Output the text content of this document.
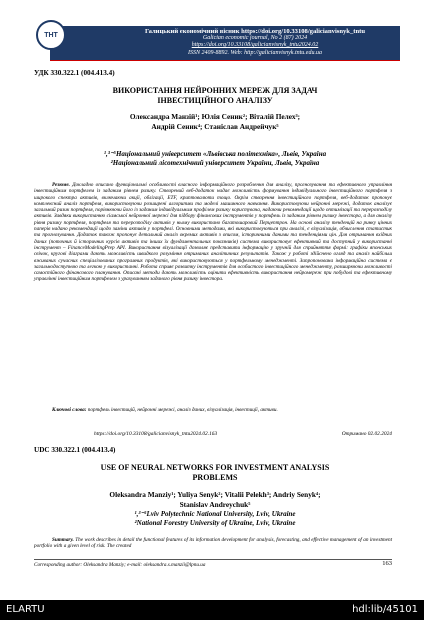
ТНТ	Галицький економічний вісник https://doi.org/10.33108/galicianvisnyk_tntu
Galician economic journal, No 2 (87) 2024
https://doi.org/10.33108/galicianvisnyk_tntu2024.02
ISSN 2409-8892. Web: http://galicianvisnyk.tntu.edu.ua
УДК 330.322.1 (004.413.4)
ВИКОРИСТАННЯ НЕЙРОННИХ МЕРЕЖ ДЛЯ ЗАДАЧ
ІНВЕСТИЦІЙНОГО АНАЛІЗУ
Олександра Манзій¹; Юлія Сеник²; Віталій Пелех³;
Андрій Сеник⁴; Станіслав Андрейчук⁵
¹,³⁻⁵Національний університет «Львівська політехніка», Львів, Україна
²Національний лісотехнічний університет України, Львів, Україна
Резюме. Докладно описано функціональні особливості власного інформаційного розроблення для аналізу, прогнозування та ефективного управління інвестиційним портфелем із заданим рівнем ризику. Створений веб-додаток надає можливість формування індивідуального інвестиційного портфеля з широкого спектра активів, включаючи акції, облігації, ETF, криптовалюти тощо. Окрім створення інвестиційного портфеля, веб-додаток пропонує комплексний аналіз портфеля, використовуючи розширені алгоритми та моделі машинного навчання. Використовуючи нейронні мережі, додаток аналізує загальний ризик портфеля, порівнюючи його із заданим індивідуальним профілем ризику користувача, надаючи рекомендації щодо оптимізації та перерозподілу активів. Завдяки використанню сіамської нейронної мережі для підбору фінансових інструментів у портфель із заданим рівнем ризику інвестора, а для аналізу рівня ризику портфеля, портфеля та перерозподілу активів у ньому використано багатошаровий Перцептрон. На основі аналізу тенденцій на ринку цінних паперів надано рекомендації щодо заміни активів у портфелі. Основними методами, які використовуються при аналізі, є візуалізація, обчислення статистик та прогнозування. Додаток також пропонує детальний аналіз окремих активів з описом, історичними даними та тенденціями цін. Для отримання вхідних даних (поточних й історичних курсів активів та інших їх фундаментальних показників) система використовує ефективний та доступний у використанні інструмент – FinanceModelingPrep API. Використання візуалізації дозволяє представити інформацію у зручній для сприйняття формі: графіки японських свічок, кругові діаграми дають можливість швидкого розуміння отриманих аналітичних результатів. Також у роботі здійснено огляд та аналіз найбільш вживаних сучасних спеціалізованих програмних продуктів, які використовуються у портфельному менеджменті. Запропонована інформаційна система є загальнодоступною та легкою у використанні. Робота сприяє розвитку інструментів для особистого інвестиційного менеджменту, розширюючи можливості самостійного фінансового планування. Описані методи дають можливість оцінити ефективність використання нейромереж при побудові та ефективному управлінні інвестиційним портфелем з урахуванням заданого рівня ризику інвестора.
Ключові слова: портфель інвестицій, нейронні мережі, аналіз даних, візуалізація, інвестиції, активи.
https://doi.org/10.33108/galicianvisnyk_tntu2024.02.163	Отримано 02.02.2024
UDC 330.322.1 (004.413.4)
USE OF NEURAL NETWORKS FOR INVESTMENT ANALYSIS
PROBLEMS
Oleksandra Manziy¹; Yuliya Senyk²; Vitalii Pelekh³; Andriy Senyk⁴;
Stanislav Andreychuk⁵
¹,³⁻⁵Lviv Polytechnic National University, Lviv, Ukraine
²National Forestry University of Ukraine, Lviv, Ukraine
Summary. The work describes in detail the functional features of its information development for analysis, forecasting, and effective management of an investment portfolio with a given level of risk. The created
Corresponding author: Oleksandra Manziy; e-mail: oleksandra.s.manzii@lpnu.ua	163
ELARTU	hdl:lib/45101
